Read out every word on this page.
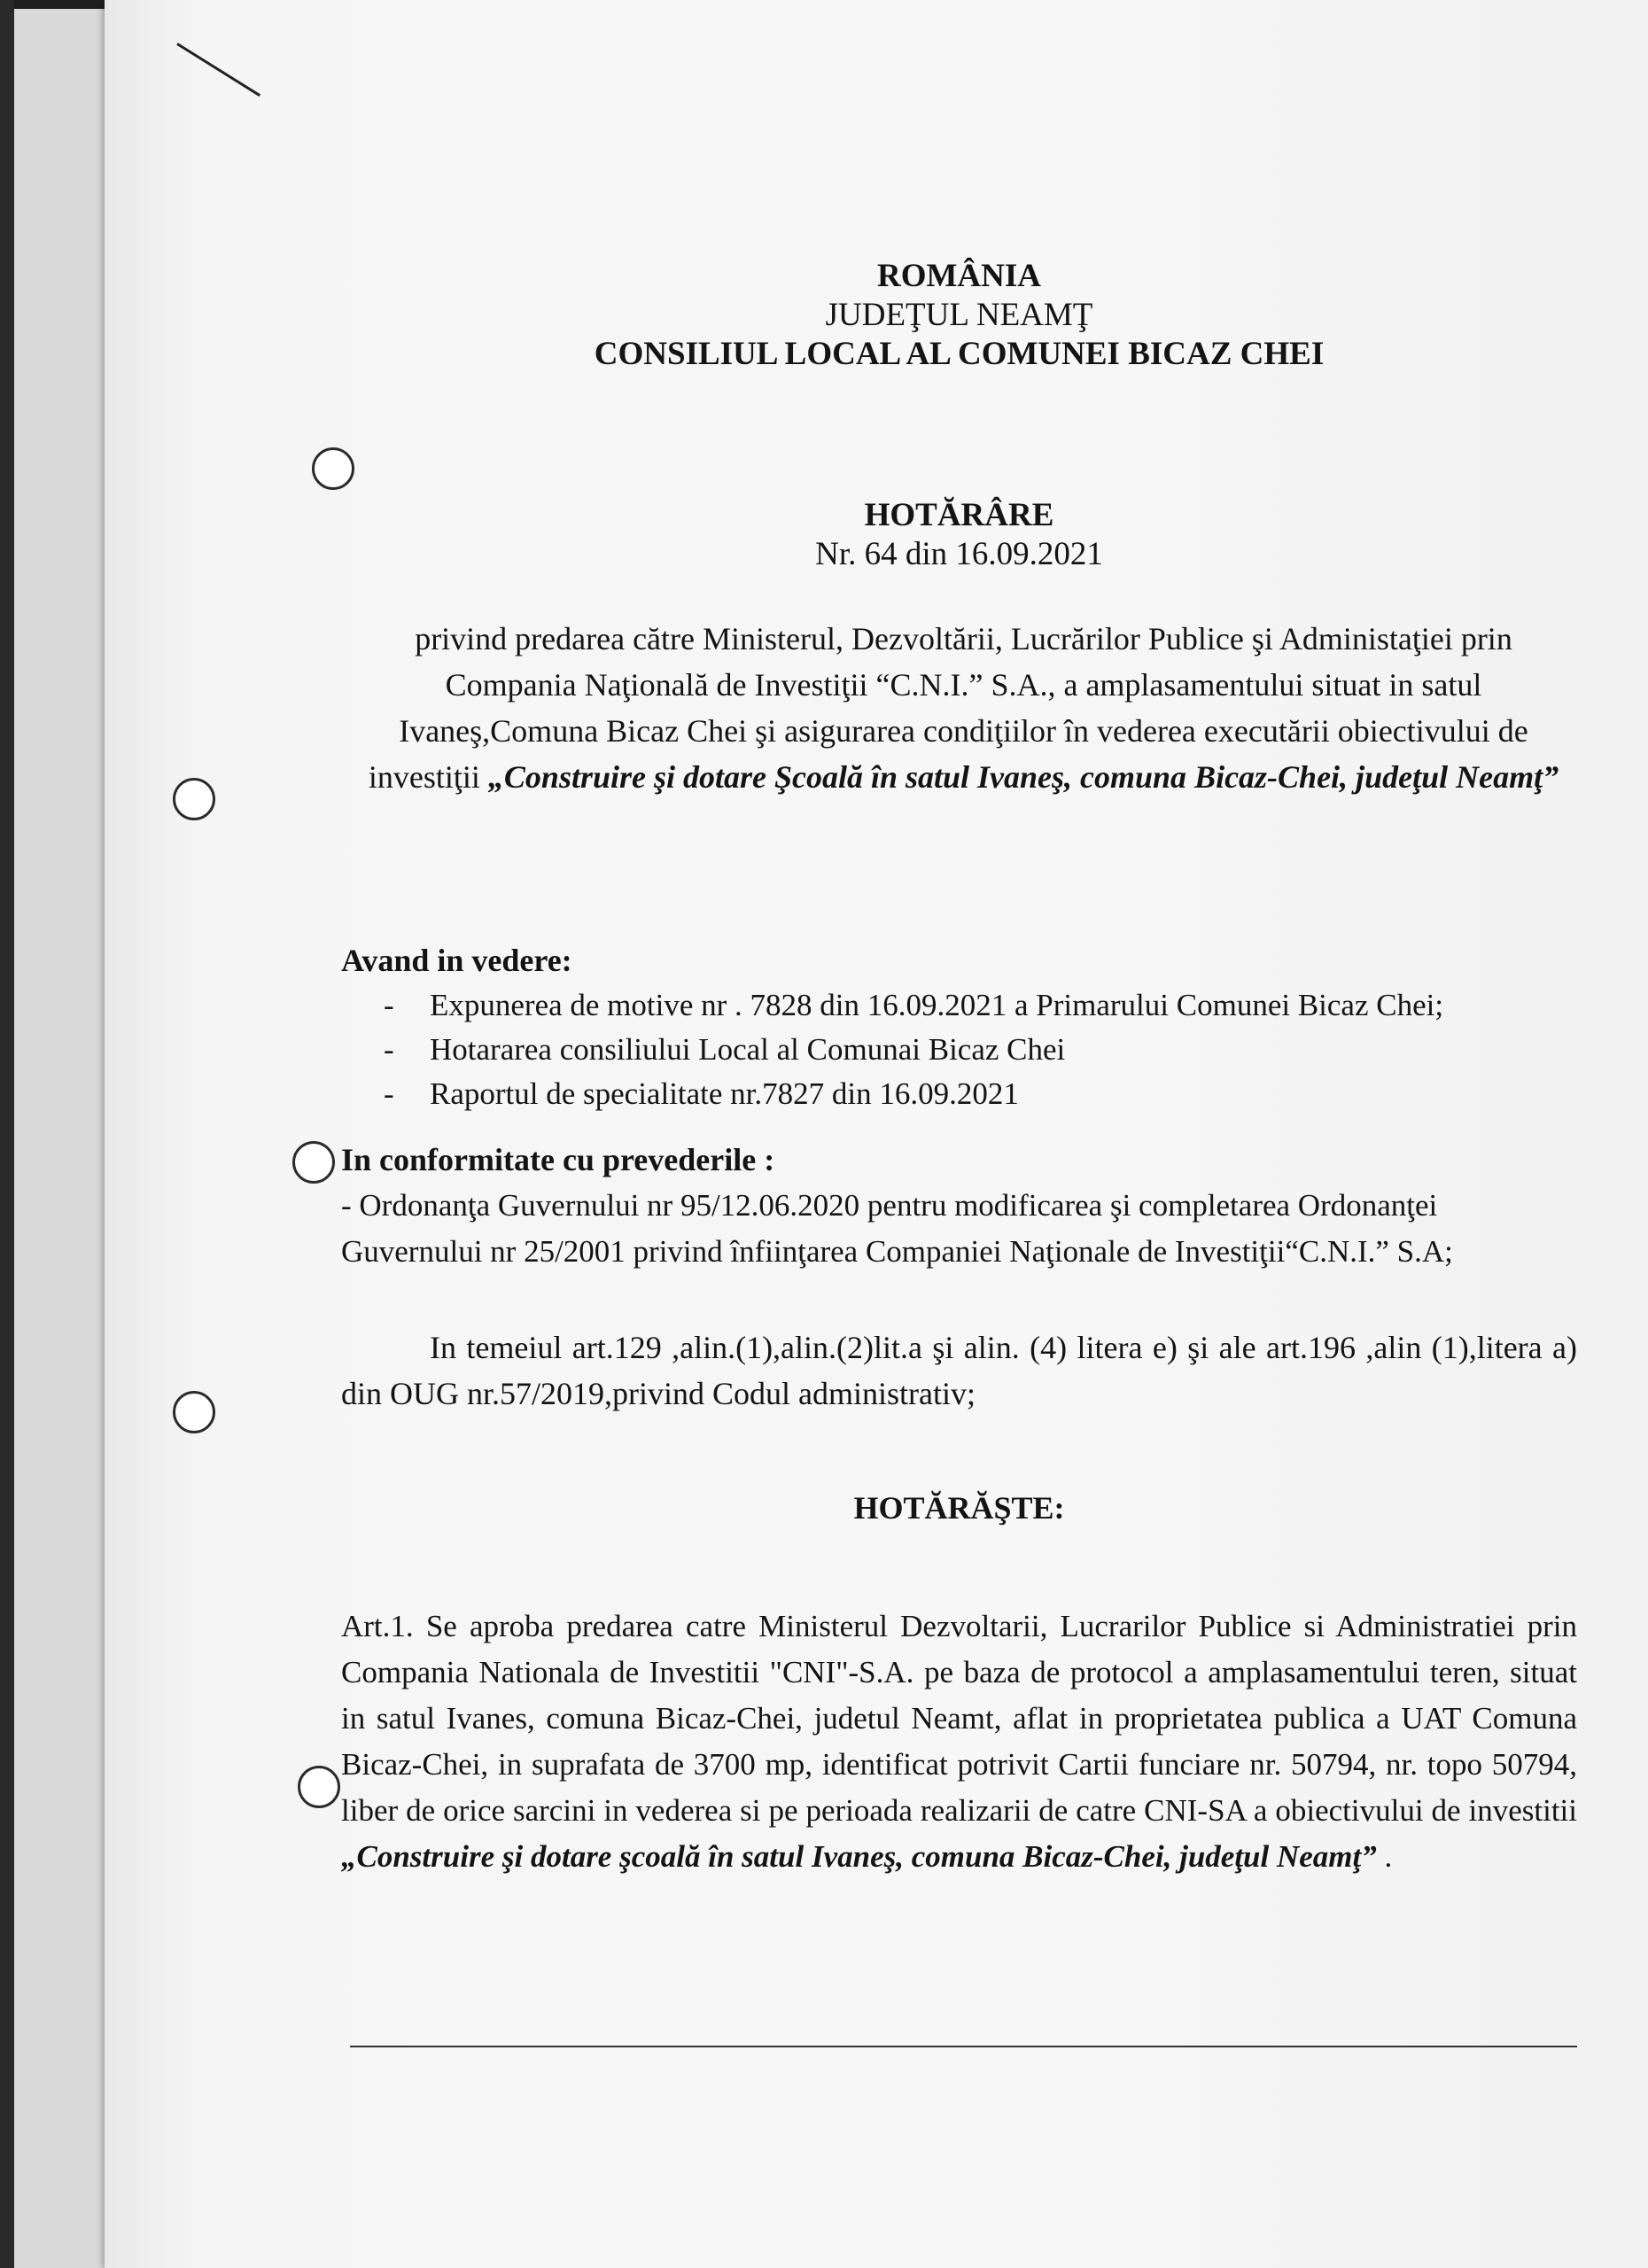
ROMÂNIA
JUDEŢUL NEAMŢ
CONSILIUL LOCAL AL COMUNEI BICAZ CHEI
HOTĂRÂRE
Nr. 64 din 16.09.2021
privind predarea către Ministerul, Dezvoltării, Lucrărilor Publice şi Administaţiei prin Compania Naţională de Investiţii “C.N.I.” S.A., a amplasamentului situat in satul Ivaneş,Comuna Bicaz Chei şi asigurarea condiţiilor în vederea executării obiectivului de investiţii „Construire şi dotare Şcoală în satul Ivaneş, comuna Bicaz-Chei, judeţul Neamţ”
Avand in vedere:
- Expunerea de motive nr . 7828 din 16.09.2021 a Primarului Comunei Bicaz Chei;
- Hotararea consiliului Local al Comunai Bicaz Chei
- Raportul de specialitate nr.7827 din 16.09.2021
In conformitate cu prevederile :
- Ordonanţa Guvernului nr 95/12.06.2020 pentru modificarea şi completarea Ordonanţei Guvernului nr 25/2001 privind înfiinţarea Companiei Naţionale de Investiţii“C.N.I.” S.A;
In temeiul art.129 ,alin.(1),alin.(2)lit.a şi alin. (4) litera e) şi ale art.196 ,alin (1),litera a) din OUG nr.57/2019,privind Codul administrativ;
HOTĂRĂŞTE:
Art.1. Se aproba predarea catre Ministerul Dezvoltarii, Lucrarilor Publice si Administratiei prin Compania Nationala de Investitii "CNI"-S.A. pe baza de protocol a amplasamentului teren, situat in satul Ivanes, comuna Bicaz-Chei, judetul Neamt, aflat in proprietatea publica a UAT Comuna Bicaz-Chei, in suprafata de 3700 mp, identificat potrivit Cartii funciare nr. 50794, nr. topo 50794, liber de orice sarcini in vederea si pe perioada realizarii de catre CNI-SA a obiectivului de investitii „Construire şi dotare şcoală în satul Ivaneş, comuna Bicaz-Chei, judeţul Neamţ” .
